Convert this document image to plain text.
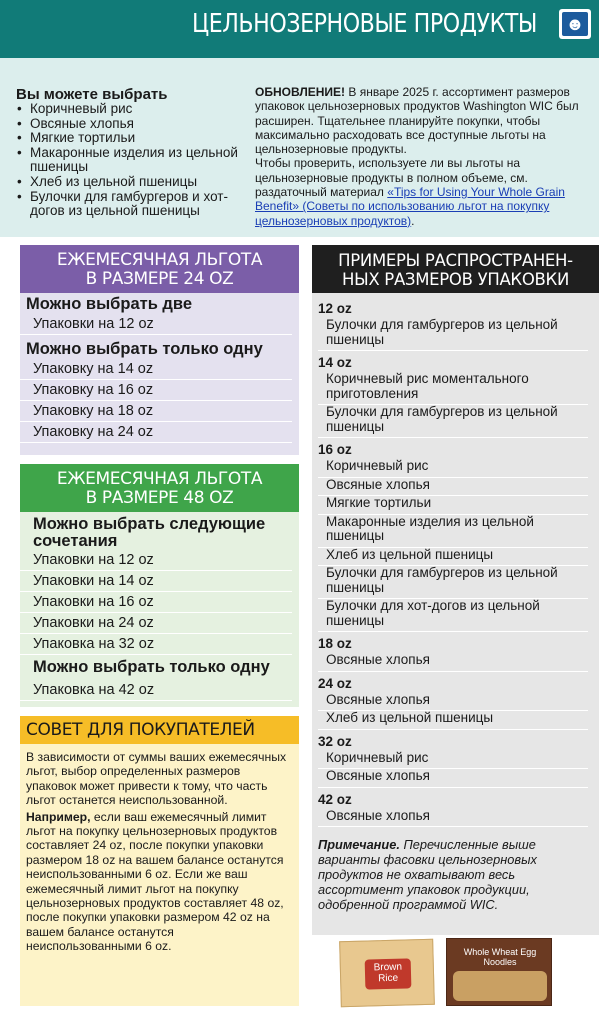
ЦЕЛЬНОЗЕРНОВЫЕ ПРОДУКТЫ ☻
Вы можете выбрать
• Коричневый рис
• Овсяные хлопья
• Мягкие тортильи
• Макаронные изделия из цельной пшеницы
• Хлеб из цельной пшеницы
• Булочки для гамбургеров и хот-догов из цельной пшеницы
ОБНОВЛЕНИЕ! В январе 2025 г. ассортимент размеров упаковок цельнозерновых продуктов Washington WIC был расширен. Тщательнее планируйте покупки, чтобы максимально расходовать все доступные льготы на цельнозерновые продукты.
Чтобы проверить, используете ли вы льготы на цельнозерновые продукты в полном объеме, см. раздаточный материал «Tips for Using Your Whole Grain Benefit» (Советы по использованию льгот на покупку цельнозерновых продуктов).
ЕЖЕМЕСЯЧНАЯ ЛЬГОТА
В РАЗМЕРЕ 24 OZ
Можно выбрать две
Упаковки на 12 oz
Можно выбрать только одну
Упаковку на 14 oz
Упаковку на 16 oz
Упаковку на 18 oz
Упаковку на 24 oz
ЕЖЕМЕСЯЧНАЯ ЛЬГОТА
В РАЗМЕРЕ 48 OZ
Можно выбрать следующие сочетания
Упаковки на 12 oz
Упаковки на 14 oz
Упаковки на 16 oz
Упаковки на 24 oz
Упаковка на 32 oz
Можно выбрать только одну
Упаковка на 42 oz
СОВЕТ ДЛЯ ПОКУПАТЕЛЕЙ

В зависимости от суммы ваших ежемесячных льгот, выбор определенных размеров упаковок может привести к тому, что часть льгот останется неиспользованной.

Например, если ваш ежемесячный лимит льгот на покупку цельнозерновых продуктов составляет 24 oz, после покупки упаковки размером 18 oz на вашем балансе останутся неиспользованными 6 oz. Если же ваш ежемесячный лимит льгот на покупку цельнозерновых продуктов составляет 48 oz, после покупки упаковки размером 42 oz на вашем балансе останутся неиспользованными 6 oz.

ПРИМЕРЫ РАСПРОСТРАНЕН-
НЫХ РАЗМЕРОВ УПАКОВКИ
12 oz
Булочки для гамбургеров из цельной пшеницы
14 oz
Коричневый рис моментального приготовления
Булочки для гамбургеров из цельной пшеницы
16 oz
Коричневый рис
Овсяные хлопья
Мягкие тортильи
Макаронные изделия из цельной пшеницы
Хлеб из цельной пшеницы
Булочки для гамбургеров из цельной пшеницы
Булочки для хот-догов из цельной пшеницы
18 oz
Овсяные хлопья
24 oz
Овсяные хлопья
Хлеб из цельной пшеницы
32 oz
Коричневый рис
Овсяные хлопья
42 oz
Овсяные хлопья
Примечание. Перечисленные выше варианты фасовки цельнозерновых продуктов не охватывают весь ассортимент упаковок продукции, одобренной программой WIC.
Brown Rice
Whole Wheat Egg Noodles
